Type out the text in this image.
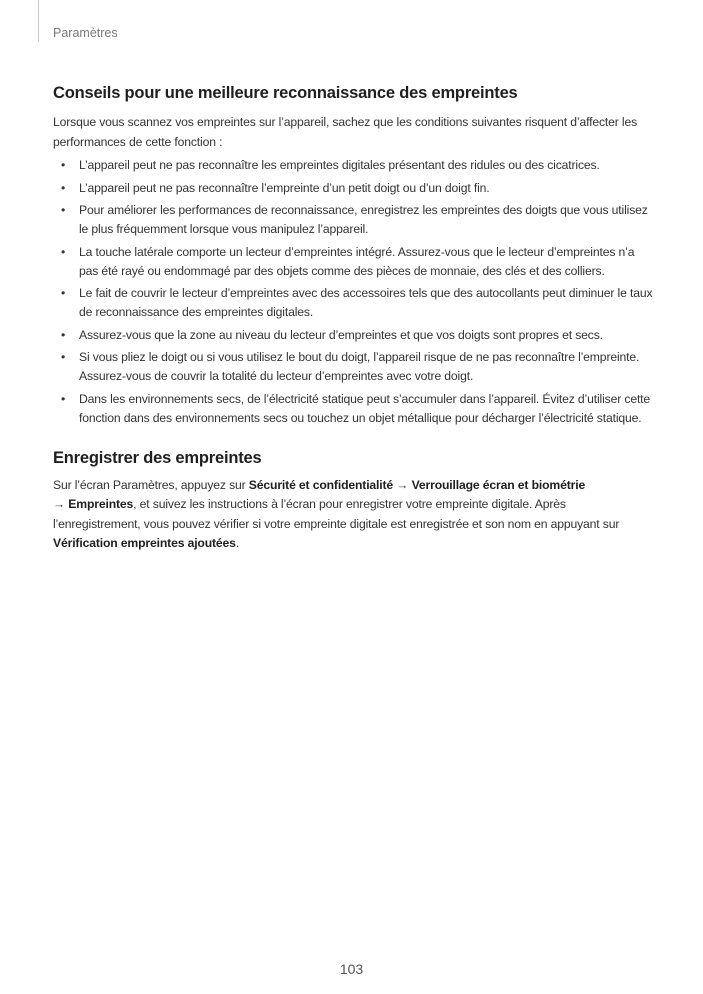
Paramètres
Conseils pour une meilleure reconnaissance des empreintes

Lorsque vous scannez vos empreintes sur l’appareil, sachez que les conditions suivantes risquent d’affecter les performances de cette fonction :

• L’appareil peut ne pas reconnaître les empreintes digitales présentant des ridules ou des cicatrices.
• L’appareil peut ne pas reconnaître l’empreinte d’un petit doigt ou d’un doigt fin.
• Pour améliorer les performances de reconnaissance, enregistrez les empreintes des doigts que vous utilisez le plus fréquemment lorsque vous manipulez l’appareil.
• La touche latérale comporte un lecteur d’empreintes intégré. Assurez-vous que le lecteur d’empreintes n’a pas été rayé ou endommagé par des objets comme des pièces de monnaie, des clés et des colliers.
• Le fait de couvrir le lecteur d’empreintes avec des accessoires tels que des autocollants peut diminuer le taux de reconnaissance des empreintes digitales.
• Assurez-vous que la zone au niveau du lecteur d’empreintes et que vos doigts sont propres et secs.
• Si vous pliez le doigt ou si vous utilisez le bout du doigt, l’appareil risque de ne pas reconnaître l’empreinte. Assurez-vous de couvrir la totalité du lecteur d’empreintes avec votre doigt.
• Dans les environnements secs, de l’électricité statique peut s’accumuler dans l’appareil. Évitez d’utiliser cette fonction dans des environnements secs ou touchez un objet métallique pour décharger l’électricité statique.
Enregistrer des empreintes

Sur l’écran Paramètres, appuyez sur Sécurité et confidentialité → Verrouillage écran et biométrie
→ Empreintes, et suivez les instructions à l’écran pour enregistrer votre empreinte digitale. Après l’enregistrement, vous pouvez vérifier si votre empreinte digitale est enregistrée et son nom en appuyant sur Vérification empreintes ajoutées.

103
